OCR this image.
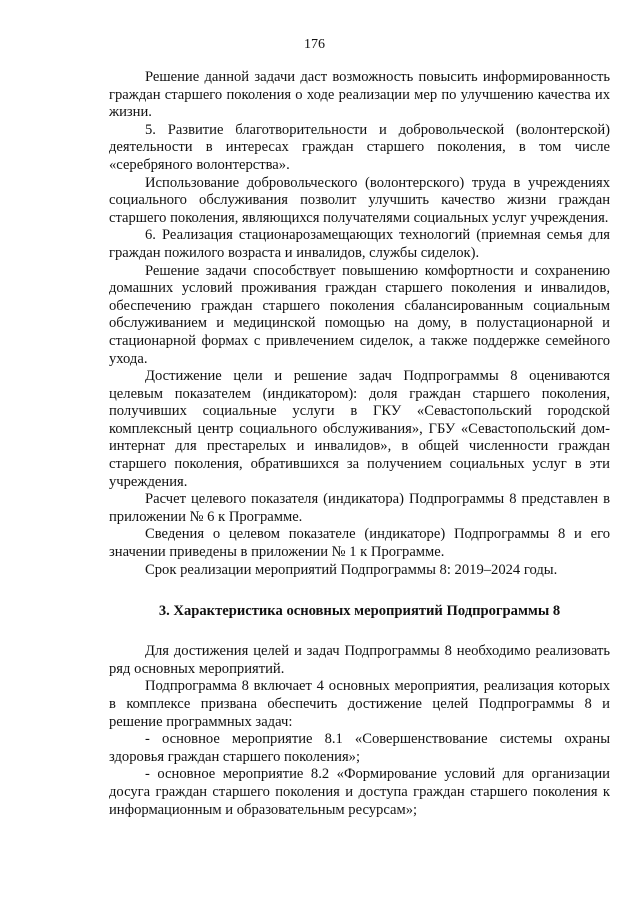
176

Решение данной задачи даст возможность повысить информированность граждан старшего поколения о ходе реализации мер по улучшению качества их жизни.

5. Развитие благотворительности и добровольческой (волонтерской) деятельности в интересах граждан старшего поколения, в том числе «серебряного волонтерства».

Использование добровольческого (волонтерского) труда в учреждениях социального обслуживания позволит улучшить качество жизни граждан старшего поколения, являющихся получателями социальных услуг учреждения.

6. Реализация стационарозамещающих технологий (приемная семья для граждан пожилого возраста и инвалидов, службы сиделок).

Решение задачи способствует повышению комфортности и сохранению домашних условий проживания граждан старшего поколения и инвалидов, обеспечению граждан старшего поколения сбалансированным социальным обслуживанием и медицинской помощью на дому, в полустационарной и стационарной формах с привлечением сиделок, а также поддержке семейного ухода.

Достижение цели и решение задач Подпрограммы 8 оцениваются целевым показателем (индикатором): доля граждан старшего поколения, получивших социальные услуги в ГКУ «Севастопольский городской комплексный центр социального обслуживания», ГБУ «Севастопольский дом-интернат для престарелых и инвалидов», в общей численности граждан старшего поколения, обратившихся за получением социальных услуг в эти учреждения.

Расчет целевого показателя (индикатора) Подпрограммы 8 представлен в приложении № 6 к Программе.

Сведения о целевом показателе (индикаторе) Подпрограммы 8 и его значении приведены в приложении № 1 к Программе.

Срок реализации мероприятий Подпрограммы 8: 2019–2024 годы.

3. Характеристика основных мероприятий Подпрограммы 8

Для достижения целей и задач Подпрограммы 8 необходимо реализовать ряд основных мероприятий.

Подпрограмма 8 включает 4 основных мероприятия, реализация которых в комплексе призвана обеспечить достижение целей Подпрограммы 8 и решение программных задач:

- основное мероприятие 8.1 «Совершенствование системы охраны здоровья граждан старшего поколения»;

- основное мероприятие 8.2 «Формирование условий для организации досуга граждан старшего поколения и доступа граждан старшего поколения к информационным и образовательным ресурсам»;
